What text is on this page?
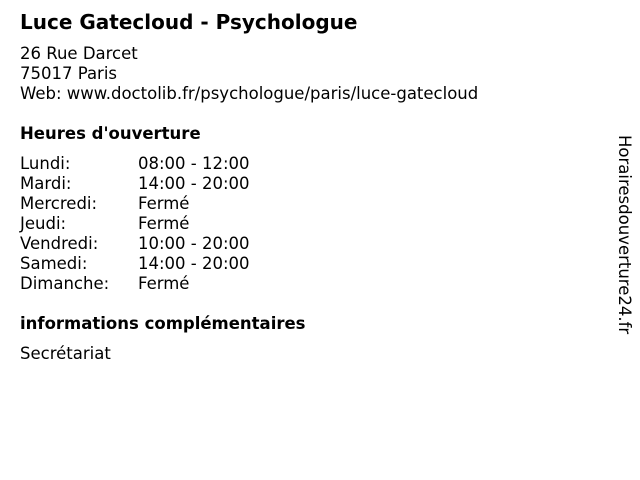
Luce Gatecloud - Psychologue
26 Rue Darcet
75017 Paris
Web: www.doctolib.fr/psychologue/paris/luce-gatecloud
Heures d'ouverture
Lundi:	08:00 - 12:00
Mardi:	14:00 - 20:00
Mercredi: Fermé
Jeudi:	Fermé
Vendredi: 10:00 - 20:00
Samedi:	14:00 - 20:00
Dimanche: Fermé
informations complémentaires
Secrétariat
Horairesdouverture24.fr
